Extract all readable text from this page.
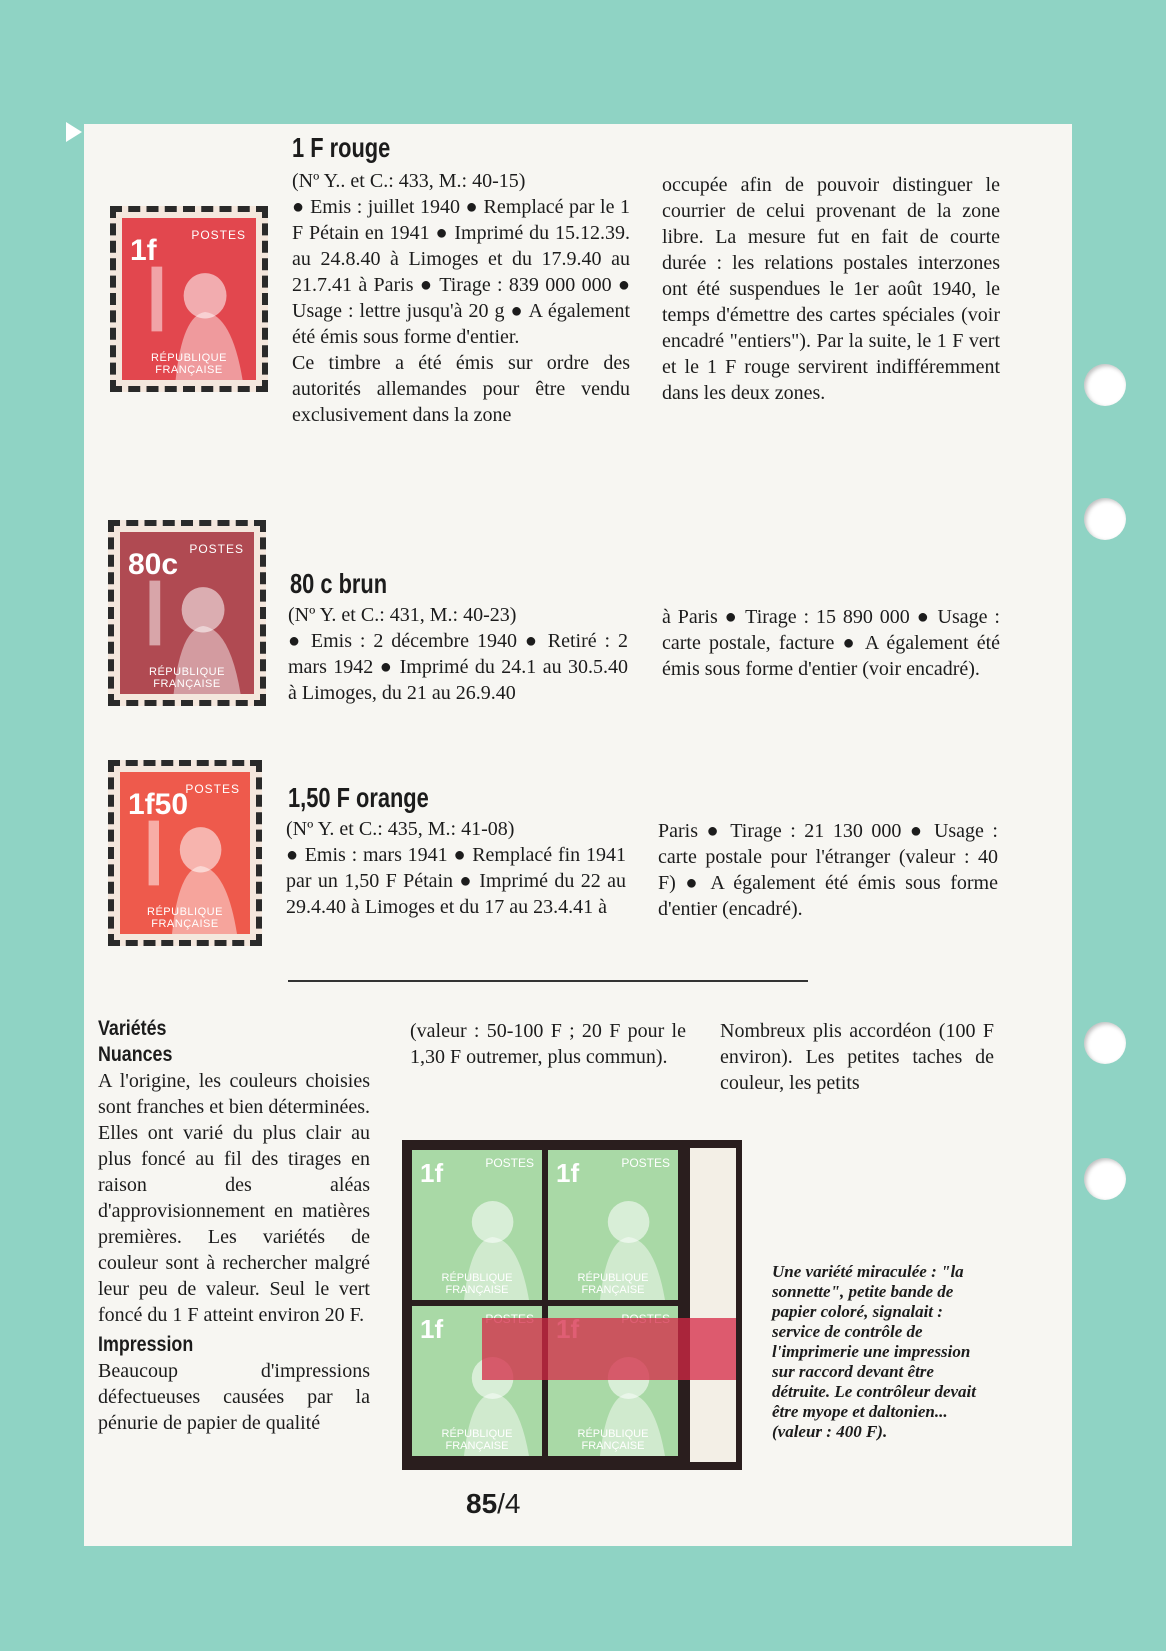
1f	POSTES
RÉPUBLIQUE FRANÇAISE
80c POSTES
RÉPUBLIQUE FRANÇAISE
1f50
POSTES
RÉPUBLIQUE FRANÇAISE
1 F rouge

(Nº Y.. et C.: 433, M.: 40-15)

● Emis : juillet 1940 ● Remplacé par le 1 F Pétain en 1941 ● Imprimé du 15.12.39. au 24.8.40 à Limoges et du 17.9.40 au 21.7.41 à Paris ● Tirage : 839 000 000 ● Usage : lettre jusqu'à 20 g ● A également été émis sous forme d'entier.

Ce timbre a été émis sur ordre des autorités allemandes pour être vendu exclusivement dans la zone

occupée afin de pouvoir distinguer le courrier de celui provenant de la zone libre. La mesure fut en fait de courte durée : les relations postales interzones ont été suspendues le 1er août 1940, le temps d'émettre des cartes spéciales (voir encadré "entiers"). Par la suite, le 1 F vert et le 1 F rouge servirent indifféremment dans les deux zones.

80 c brun

(Nº Y. et C.: 431, M.: 40-23)

● Emis : 2 décembre 1940 ● Retiré : 2 mars 1942 ● Imprimé du 24.1 au 30.5.40 à Limoges, du 21 au 26.9.40

à Paris ● Tirage : 15 890 000 ● Usage : carte postale, facture ● A également été émis sous forme d'entier (voir encadré).

1,50 F orange

(Nº Y. et C.: 435, M.: 41-08)

● Emis : mars 1941 ● Remplacé fin 1941 par un 1,50 F Pétain ● Imprimé du 22 au 29.4.40 à Limoges et du 17 au 23.4.41 à

Paris ● Tirage : 21 130 000 ● Usage : carte postale pour l'étranger (valeur : 40 F) ● A également été émis sous forme d'entier (encadré).

Variétés
Nuances

A l'origine, les couleurs choisies sont franches et bien déterminées. Elles ont varié du plus clair au plus foncé au fil des tirages en raison des aléas d'approvisionnement en matières premières. Les variétés de couleur sont à rechercher malgré leur peu de valeur. Seul le vert foncé du 1 F atteint environ 20 F.

Impression

Beaucoup d'impressions défectueuses causées par la pénurie de papier de qualité

(valeur : 50-100 F ; 20 F pour le 1,30 F outremer, plus commun).

Nombreux plis accordéon (100 F environ). Les petites taches de couleur, les petits

1f	POSTES
RÉPUBLIQUE FRANÇAISE
1f	POSTES
RÉPUBLIQUE FRANÇAISE
1f
RÉPUBLIQUE FRANÇAISE
RÉPUBLIQUE FRANÇAISE
Une variété miraculée : "la sonnette", petite bande de papier coloré, signalait : service de contrôle de l'imprimerie une impression sur raccord devant être détruite. Le contrôleur devait être myope et daltonien... (valeur : 400 F).
85/4
